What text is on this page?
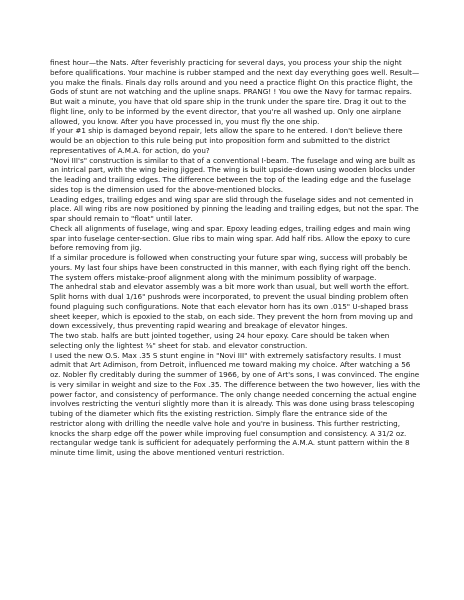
finest hour—the Nats. After feverishly practicing for several days, you process your ship the night before qualifications. Your machine is rubber stamped and the next day everything goes well. Result—you make the finals. Finals day rolls around and you need a practice flight On this practice flight, the Gods of stunt are not watching and the upline snaps. PRANG! ! You owe the Navy for tarmac repairs. But wait a minute, you have that old spare ship in the trunk under the spare tire. Drag it out to the flight line, only to be informed by the event director, that you're all washed up. Only one airplane allowed, you know. After you have processed in, you must fly the one ship.

If your #1 ship is damaged beyond repair, lets allow the spare to he entered. I don't believe there would be an objection to this rule being put into proposition form and submitted to the district representatives of A.M.A. for action, do you?

"Novi III's" construction is similar to that of a conventional I-beam. The fuselage and wing are built as an intrical part, with the wing being jigged. The wing is built upside-down using wooden blocks under the leading and trailing edges. The difference between the top of the leading edge and the fuselage sides top is the dimension used for the above-mentioned blocks.

Leading edges, trailing edges and wing spar are slid through the fuselage sides and not cemented in place. All wing ribs are now positioned by pinning the leading and trailing edges, but not the spar. The spar should remain to "float" until later.

Check all alignments of fuselage, wing and spar. Epoxy leading edges, trailing edges and main wing spar into fuselage center-section. Glue ribs to main wing spar. Add half ribs. Allow the epoxy to cure before removing from jig.

If a similar procedure is followed when constructing your future spar wing, success will probably be yours. My last four ships have been constructed in this manner, with each flying right off the bench. The system offers mistake-proof alignment along with the minimum possiblity of warpage.

The anhedral stab and elevator assembly was a bit more work than usual, but well worth the effort. Split horns with dual 1/16" pushrods were incorporated, to prevent the usual binding problem often found plaguing such configurations. Note that each elevator horn has its own .015" U-shaped brass sheet keeper, which is epoxied to the stab, on each side. They prevent the horn from moving up and down excessively, thus preventing rapid wearing and breakage of elevator hinges.

The two stab. halfs are butt jointed together, using 24 hour epoxy. Care should be taken when selecting only the lightest ⅜" sheet for stab. and elevator construction.

I used the new O.S. Max .35 S stunt engine in "Novi III" with extremely satisfactory results. I must admit that Art Adimison, from Detroit, influenced me toward making my choice. After watching a 56 oz. Nobler fly creditably during the summer of 1966, by one of Art's sons, I was convinced. The engine is very similar in weight and size to the Fox .35. The difference between the two however, lies with the power factor, and consistency of performance. The only change needed concerning the actual engine involves restricting the venturi slightly more than it is already. This was done using brass telescoping tubing of the diameter which fits the existing restriction. Simply flare the entrance side of the restrictor along with drilling the needle valve hole and you're in business. This further restricting, knocks the sharp edge off the power while improving fuel consumption and consistency. A 31/2 oz. rectangular wedge tank is sufficient for adequately performing the A.M.A. stunt pattern within the 8 minute time limit, using the above mentioned venturi restriction.
